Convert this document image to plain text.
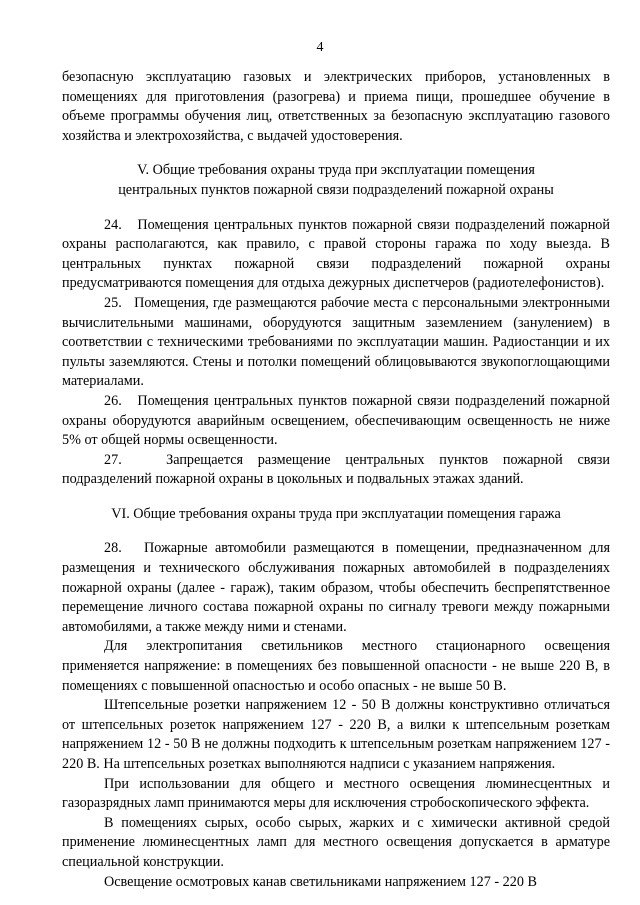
4

безопасную эксплуатацию газовых и электрических приборов, установленных в помещениях для приготовления (разогрева) и приема пищи, прошедшее обучение в объеме программы обучения лиц, ответственных за безопасную эксплуатацию газового хозяйства и электрохозяйства, с выдачей удостоверения.

V. Общие требования охраны труда при эксплуатации помещения
центральных пунктов пожарной связи подразделений пожарной охраны

24.   Помещения центральных пунктов пожарной связи подразделений пожарной охраны располагаются, как правило, с правой стороны гаража по ходу выезда. В центральных пунктах пожарной связи подразделений пожарной охраны предусматриваются помещения для отдыха дежурных диспетчеров (радиотелефонистов).

25.   Помещения, где размещаются рабочие места с персональными электронными вычислительными машинами, оборудуются защитным заземлением (занулением) в соответствии с техническими требованиями по эксплуатации машин. Радиостанции и их пульты заземляются. Стены и потолки помещений облицовываются звукопоглощающими материалами.

26.   Помещения центральных пунктов пожарной связи подразделений пожарной охраны оборудуются аварийным освещением, обеспечивающим освещенность не ниже 5% от общей нормы освещенности.

27.   Запрещается размещение центральных пунктов пожарной связи подразделений пожарной охраны в цокольных и подвальных этажах зданий.

VI. Общие требования охраны труда при эксплуатации помещения гаража

28.   Пожарные автомобили размещаются в помещении, предназначенном для размещения и технического обслуживания пожарных автомобилей в подразделениях пожарной охраны (далее - гараж), таким образом, чтобы обеспечить беспрепятственное перемещение личного состава пожарной охраны по сигналу тревоги между пожарными автомобилями, а также между ними и стенами.

Для электропитания светильников местного стационарного освещения применяется напряжение: в помещениях без повышенной опасности - не выше 220 В, в помещениях с повышенной опасностью и особо опасных - не выше 50 В.

Штепсельные розетки напряжением 12 - 50 В должны конструктивно отличаться от штепсельных розеток напряжением 127 - 220 В, а вилки к штепсельным розеткам напряжением 12 - 50 В не должны подходить к штепсельным розеткам напряжением 127 - 220 В. На штепсельных розетках выполняются надписи с указанием напряжения.

При использовании для общего и местного освещения люминесцентных и газоразрядных ламп принимаются меры для исключения стробоскопического эффекта.

В помещениях сырых, особо сырых, жарких и с химически активной средой применение люминесцентных ламп для местного освещения допускается в арматуре специальной конструкции.

Освещение осмотровых канав светильниками напряжением 127 - 220 В
